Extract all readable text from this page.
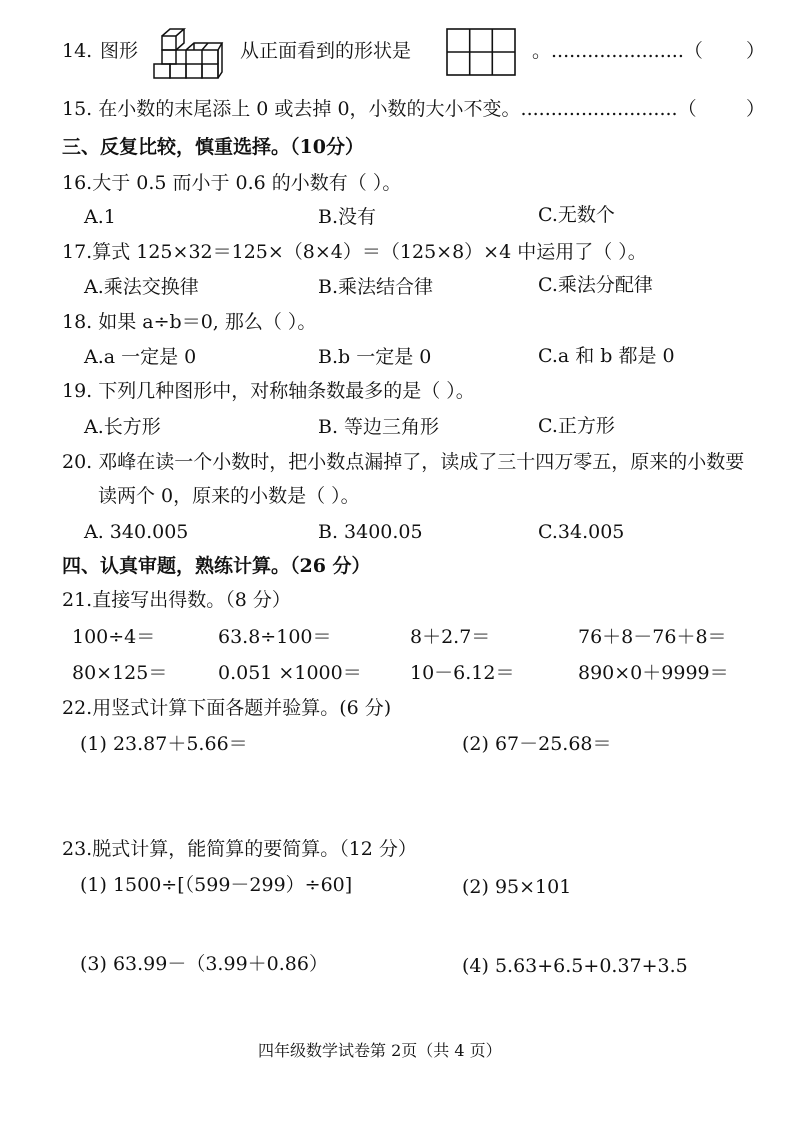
14. 图形	从正面看到的形状是	。......................（ ）
15. 在小数的末尾添上 0 或去掉 0，小数的大小不变。..........................（	）
三、反复比较，慎重选择。（10分）
16.大于 0.5 而小于 0.6 的小数有（ ）。
A.1	B.没有	C.无数个
17.算式 125×32＝125×（8×4）＝（125×8）×4 中运用了（ ）。
A.乘法交换律	B.乘法结合律	C.乘法分配律
18. 如果 a÷b＝0, 那么（ ）。
A.a 一定是 0	B.b 一定是 0	C.a 和 b 都是 0
19. 下列几种图形中，对称轴条数最多的是（ ）。
A.长方形	B. 等边三角形	C.正方形
20. 邓峰在读一个小数时，把小数点漏掉了，读成了三十四万零五，原来的小数要
读两个 0，原来的小数是（ ）。
A. 340.005	B. 3400.05	C.34.005
四、认真审题，熟练计算。（26 分）
21.直接写出得数。（8 分）
100÷4＝	63.8÷100＝	8＋2.7＝	76＋8－76＋8＝
80×125＝	0.051 ×1000＝	10－6.12＝	890×0＋9999＝
22.用竖式计算下面各题并验算。(6 分)
(1) 23.87＋5.66＝	(2) 67－25.68＝
23.脱式计算，能简算的要简算。（12 分）
(1) 1500÷[（599－299）÷60]	(2) 95×101
(3) 63.99－（3.99＋0.86）	(4) 5.63+6.5+0.37+3.5
四年级数学试卷第 2页（共 4 页）
